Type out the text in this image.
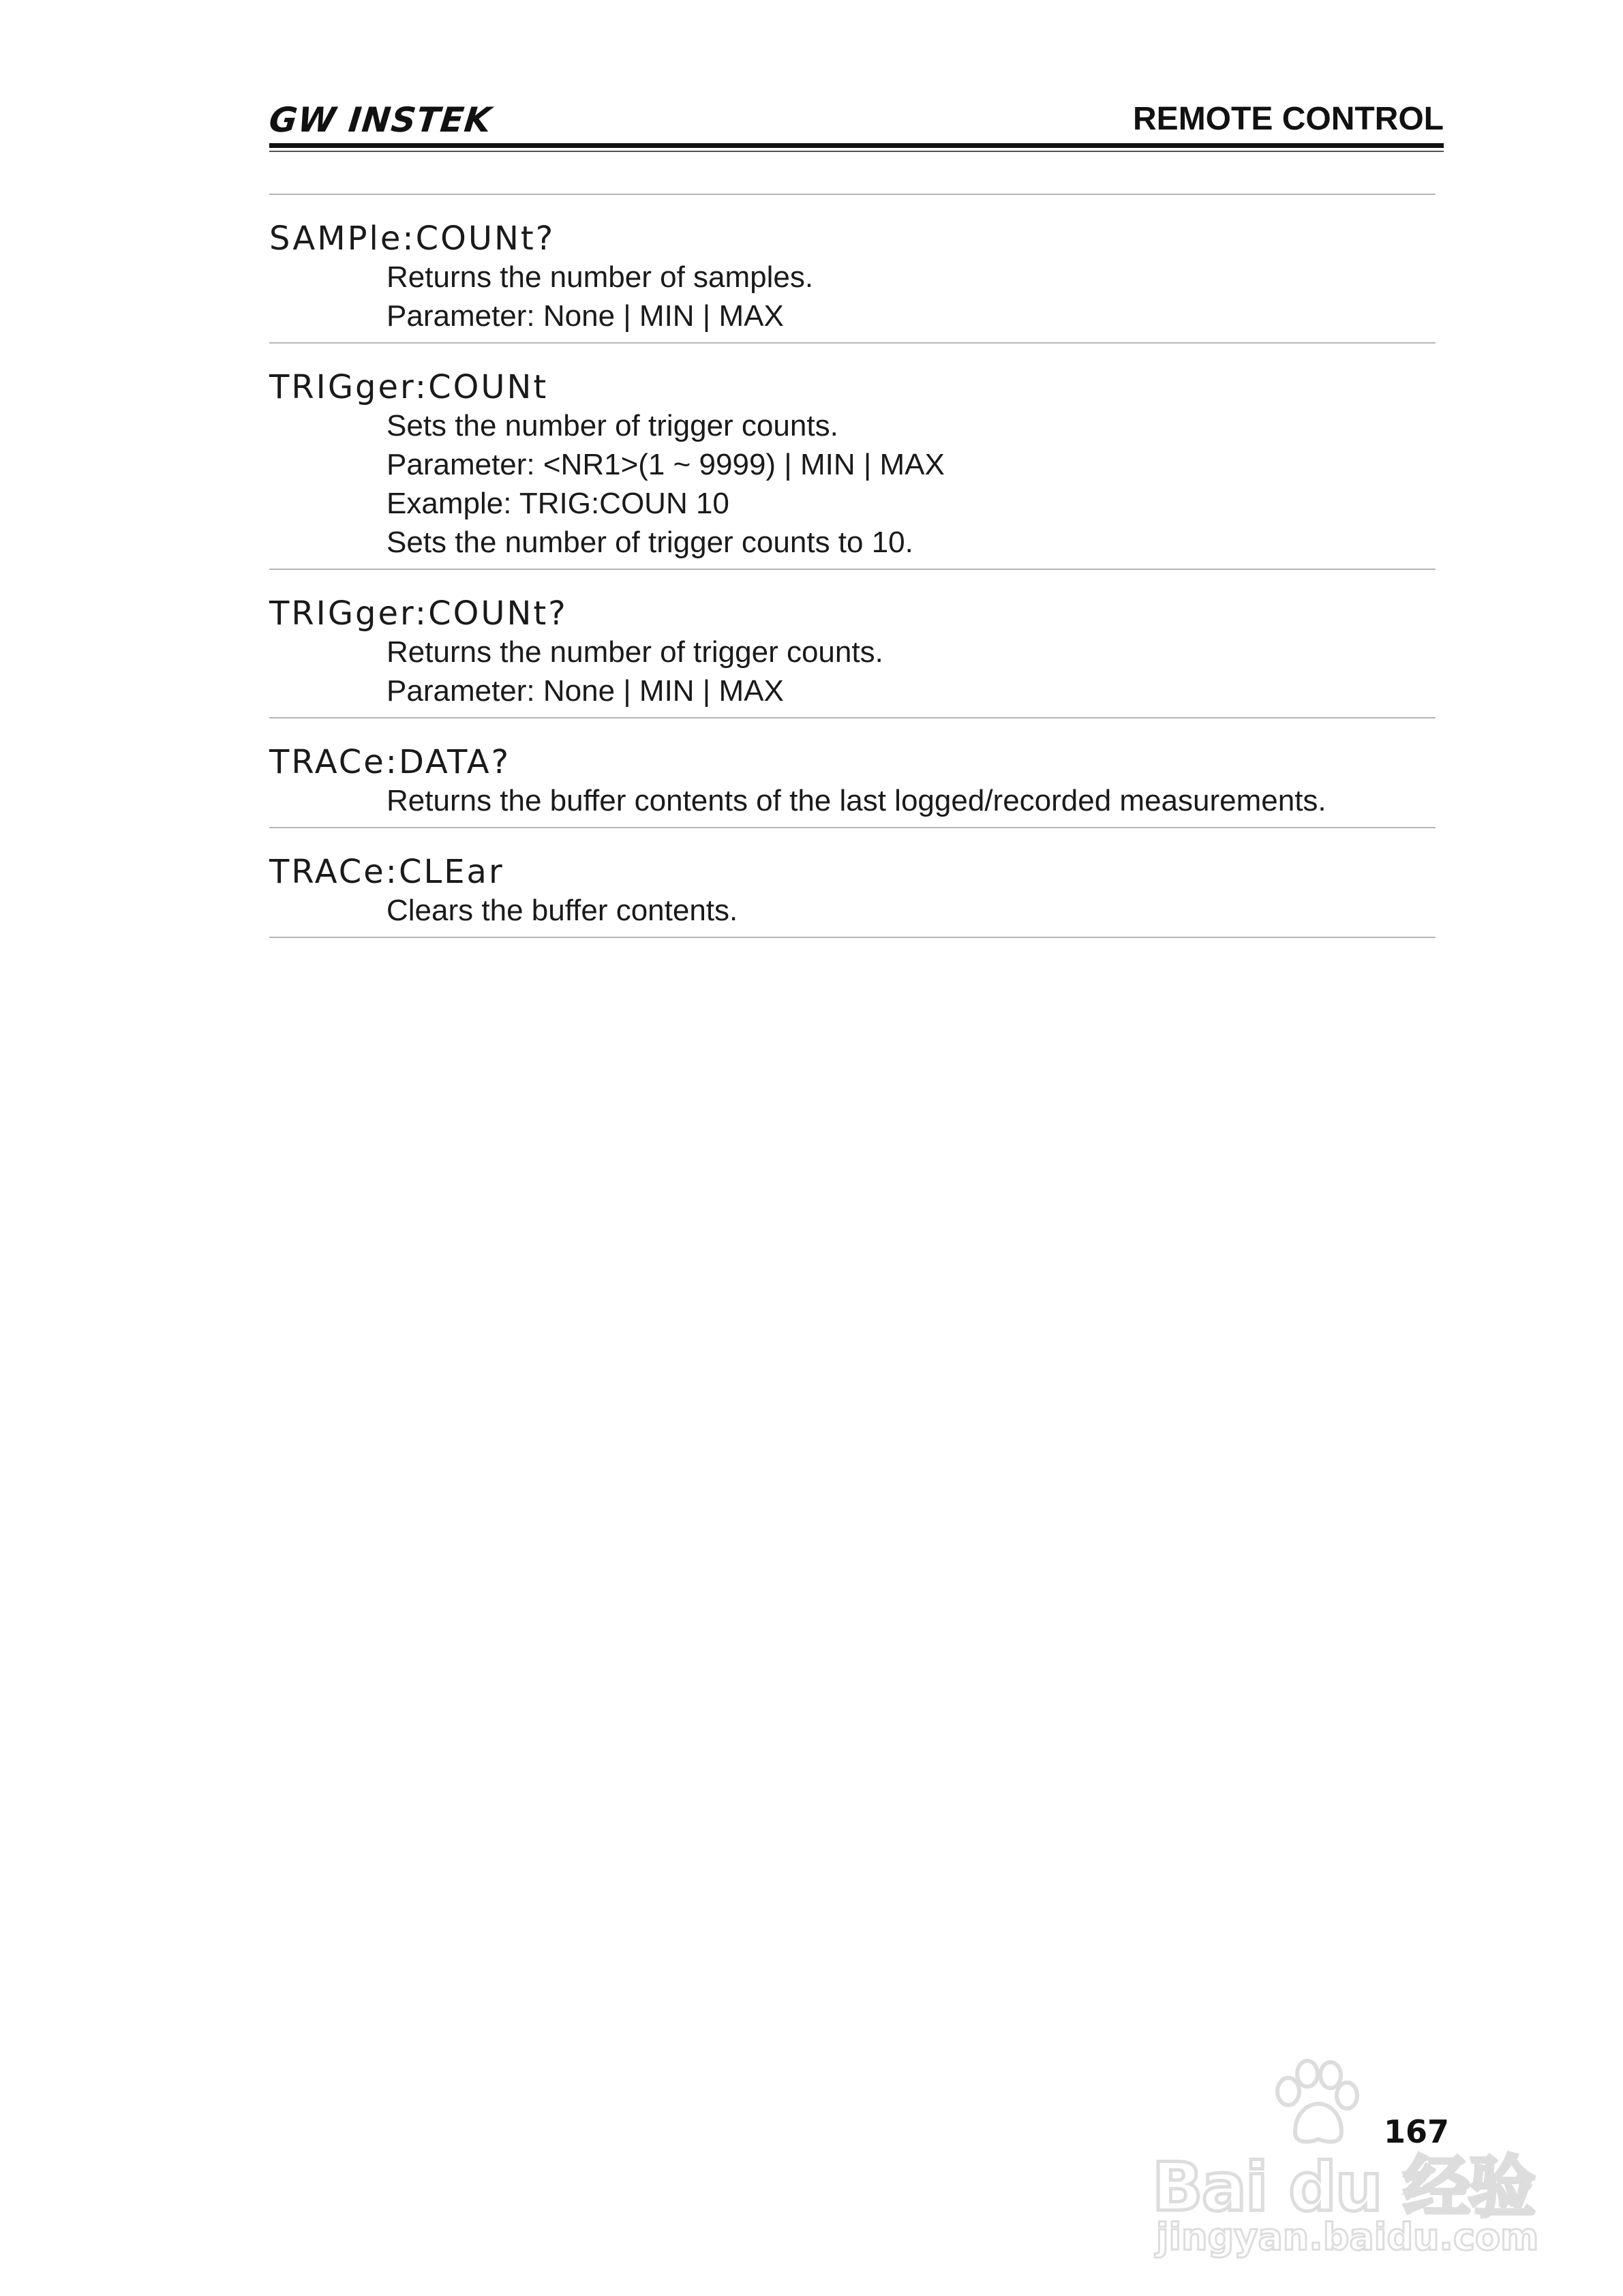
GW INSTEK	REMOTE CONTROL
SAMPle:COUNt?
Returns the number of samples.
Parameter: None | MIN | MAX
TRIGger:COUNt
Sets the number of trigger counts.
Parameter: <NR1>(1 ~ 9999) | MIN | MAX
Example: TRIG:COUN 10
Sets the number of trigger counts to 10.
TRIGger:COUNt?
Returns the number of trigger counts.
Parameter: None | MIN | MAX
TRACe:DATA?
Returns the buffer contents of the last logged/recorded measurements.
TRACe:CLEar
Clears the buffer contents.
Bai du 经验
jingyan.baidu.com
167
